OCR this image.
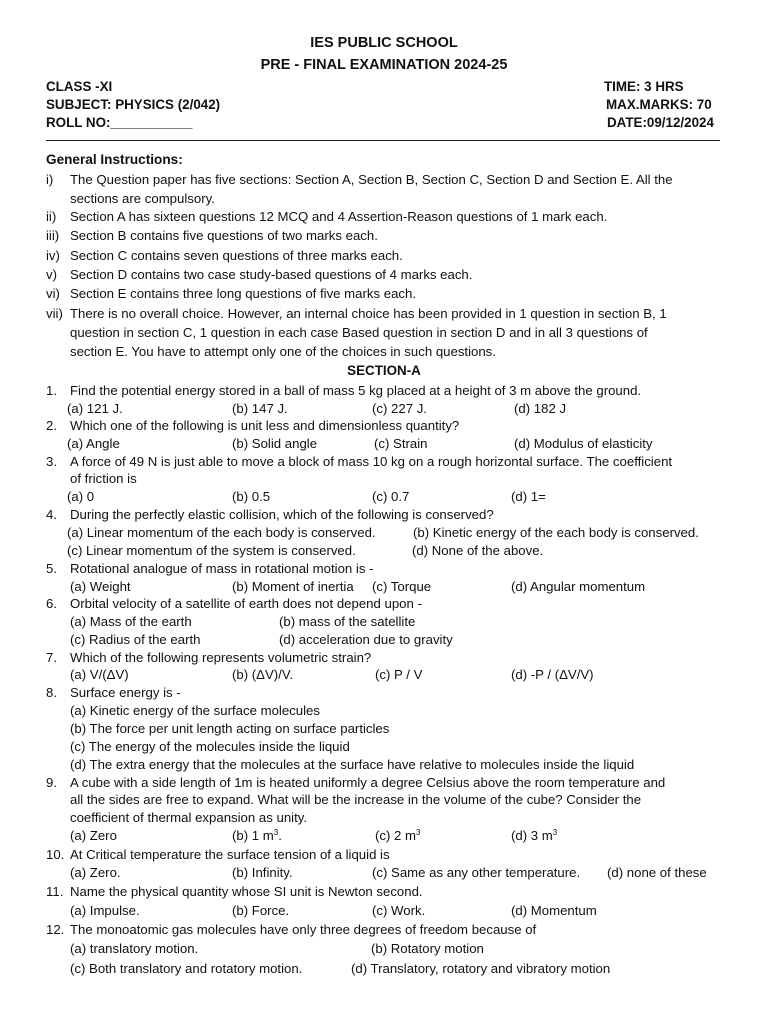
IES PUBLIC SCHOOL
PRE - FINAL EXAMINATION 2024-25
CLASS -XI
SUBJECT: PHYSICS (2/042)
ROLL NO:___________
TIME: 3 HRS
MAX.MARKS: 70
DATE:09/12/2024
General Instructions:
i) The Question paper has five sections: Section A, Section B, Section C, Section D and Section E. All the
sections are compulsory.
ii) Section A has sixteen questions 12 MCQ and 4 Assertion-Reason questions of 1 mark each.
iii) Section B contains five questions of two marks each.
iv) Section C contains seven questions of three marks each.
v) Section D contains two case study-based questions of 4 marks each.
vi) Section E contains three long questions of five marks each.
vii) There is no overall choice. However, an internal choice has been provided in 1 question in section B, 1
question in section C, 1 question in each case Based question in section D and in all 3 questions of
section E. You have to attempt only one of the choices in such questions.
SECTION-A
1. Find the potential energy stored in a ball of mass 5 kg placed at a height of 3 m above the ground.
(a) 121 J.	(b) 147 J.	(c) 227 J.	(d) 182 J
2. Which one of the following is unit less and dimensionless quantity?
(a) Angle	(b) Solid angle	(c) Strain	(d) Modulus of elasticity
3. A force of 49 N is just able to move a block of mass 10 kg on a rough horizontal surface. The coefficient
of friction is
(a) 0	(b) 0.5	(c) 0.7	(d) 1=
4. During the perfectly elastic collision, which of the following is conserved?
(a) Linear momentum of the each body is conserved.	(b) Kinetic energy of the each body is conserved.
(c) Linear momentum of the system is conserved.	(d) None of the above.
5. Rotational analogue of mass in rotational motion is -
(a) Weight	(b) Moment of inertia (c) Torque	(d) Angular momentum
6. Orbital velocity of a satellite of earth does not depend upon -
(a) Mass of the earth	(b) mass of the satellite
(c) Radius of the earth	(d) acceleration due to gravity
7. Which of the following represents volumetric strain?
(a) V/(ΔV)	(b) (ΔV)/V.	(c) P / V	(d) -P / (ΔV/V)
8. Surface energy is -
(a) Kinetic energy of the surface molecules
(b) The force per unit length acting on surface particles
(c) The energy of the molecules inside the liquid
(d) The extra energy that the molecules at the surface have relative to molecules inside the liquid
9. A cube with a side length of 1m is heated uniformly a degree Celsius above the room temperature and
all the sides are free to expand. What will be the increase in the volume of the cube? Consider the
coefficient of thermal expansion as unity.
(a) Zero	(b) 1 $m^3$.	(c) 2 $m^3$	(d) 3 $m^3$
10. At Critical temperature the surface tension of a liquid is
(a) Zero.	(b) Infinity.	(c) Same as any other temperature. (d) none of these
11. Name the physical quantity whose SI unit is Newton second.
(a) Impulse.	(b) Force.	(c) Work.	(d) Momentum
12. The monoatomic gas molecules have only three degrees of freedom because of
(a) translatory motion.	(b) Rotatory motion
(c) Both translatory and rotatory motion.	(d) Translatory, rotatory and vibratory motion
